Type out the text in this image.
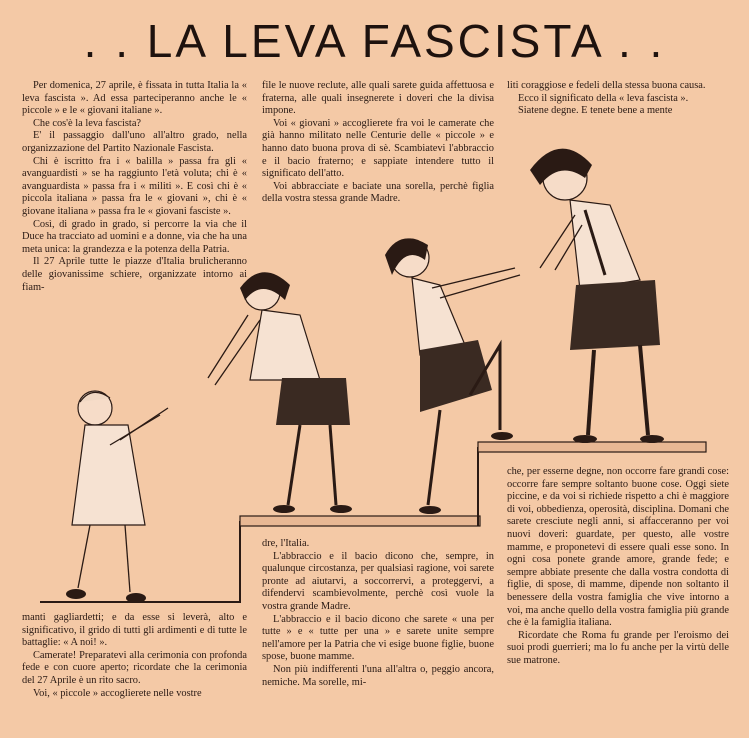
. . LA LEVA FASCISTA . .

Per domenica, 27 aprile, è fissata in tutta Italia la « leva fascista ». Ad essa parteciperanno anche le « piccole » e le « giovani italiane ».

Che cos'è la leva fascista?

E' il passaggio dall'uno all'altro grado, nella organizzazione del Partito Nazionale Fascista.

Chi è iscritto fra i « balilla » passa fra gli « avanguardisti » se ha raggiunto l'età voluta; chi è « avanguardista » passa fra i « militi ». E così chi è « piccola italiana » passa fra le « giovani », chi è « giovane italiana » passa fra le « giovani fasciste ».

Così, di grado in grado, si percorre la via che il Duce ha tracciato ad uomini e a donne, via che ha una meta unica: la grandezza e la potenza della Patria.

Il 27 Aprile tutte le piazze d'Italia brulicheranno delle giovanissime schiere, organizzate intorno ai fiam-

file le nuove reclute, alle quali sarete guida affettuosa e fraterna, alle quali insegnerete i doveri che la divisa impone.

Voi « giovani » accoglierete fra voi le camerate che già hanno militato nelle Centurie delle « piccole » e hanno dato buona prova di sè. Scambiatevi l'abbraccio e il bacio fraterno; e sappiate intendere tutto il significato dell'atto.

Voi abbracciate e baciate una sorella, perchè figlia della vostra stessa grande Madre.

liti coraggiose e fedeli della stessa buona causa.

Ecco il significato della « leva fascista ».

Siatene degne. E tenete bene a mente

manti gagliardetti; e da esse si leverà, alto e significativo, il grido di tutti gli ardimenti e di tutte le battaglie: « A noi! ».

Camerate! Preparatevi alla cerimonia con profonda fede e con cuore aperto; ricordate che la cerimonia del 27 Aprile è un rito sacro.

Voi, « piccole » accoglierete nelle vostre

dre, l'Italia.

L'abbraccio e il bacio dicono che, sempre, in qualunque circostanza, per qualsiasi ragione, voi sarete pronte ad aiutarvi, a soccorrervi, a proteggervi, a difendervi scambievolmente, perchè così vuole la vostra grande Madre.

L'abbraccio e il bacio dicono che sarete « una per tutte » e « tutte per una » e sarete unite sempre nell'amore per la Patria che vi esige buone figlie, buone spose, buone mamme.

Non più indifferenti l'una all'altra o, peggio ancora, nemiche. Ma sorelle, mi-

che, per esserne degne, non occorre fare grandi cose: occorre fare sempre soltanto buone cose. Oggi siete piccine, e da voi si richiede rispetto a chi è maggiore di voi, obbedienza, operosità, disciplina. Domani che sarete cresciute negli anni, si affacceranno per voi nuovi doveri: guardate, per questo, alle vostre mamme, e proponetevi di essere quali esse sono. In ogni cosa ponete grande amore, grande fede; e sempre abbiate presente che dalla vostra condotta di figlie, di spose, di mamme, dipende non soltanto il benessere della vostra famiglia che vive intorno a voi, ma anche quello della vostra famiglia più grande che è la famiglia italiana.

Ricordate che Roma fu grande per l'eroismo dei suoi prodi guerrieri; ma lo fu anche per la virtù delle sue matrone.
